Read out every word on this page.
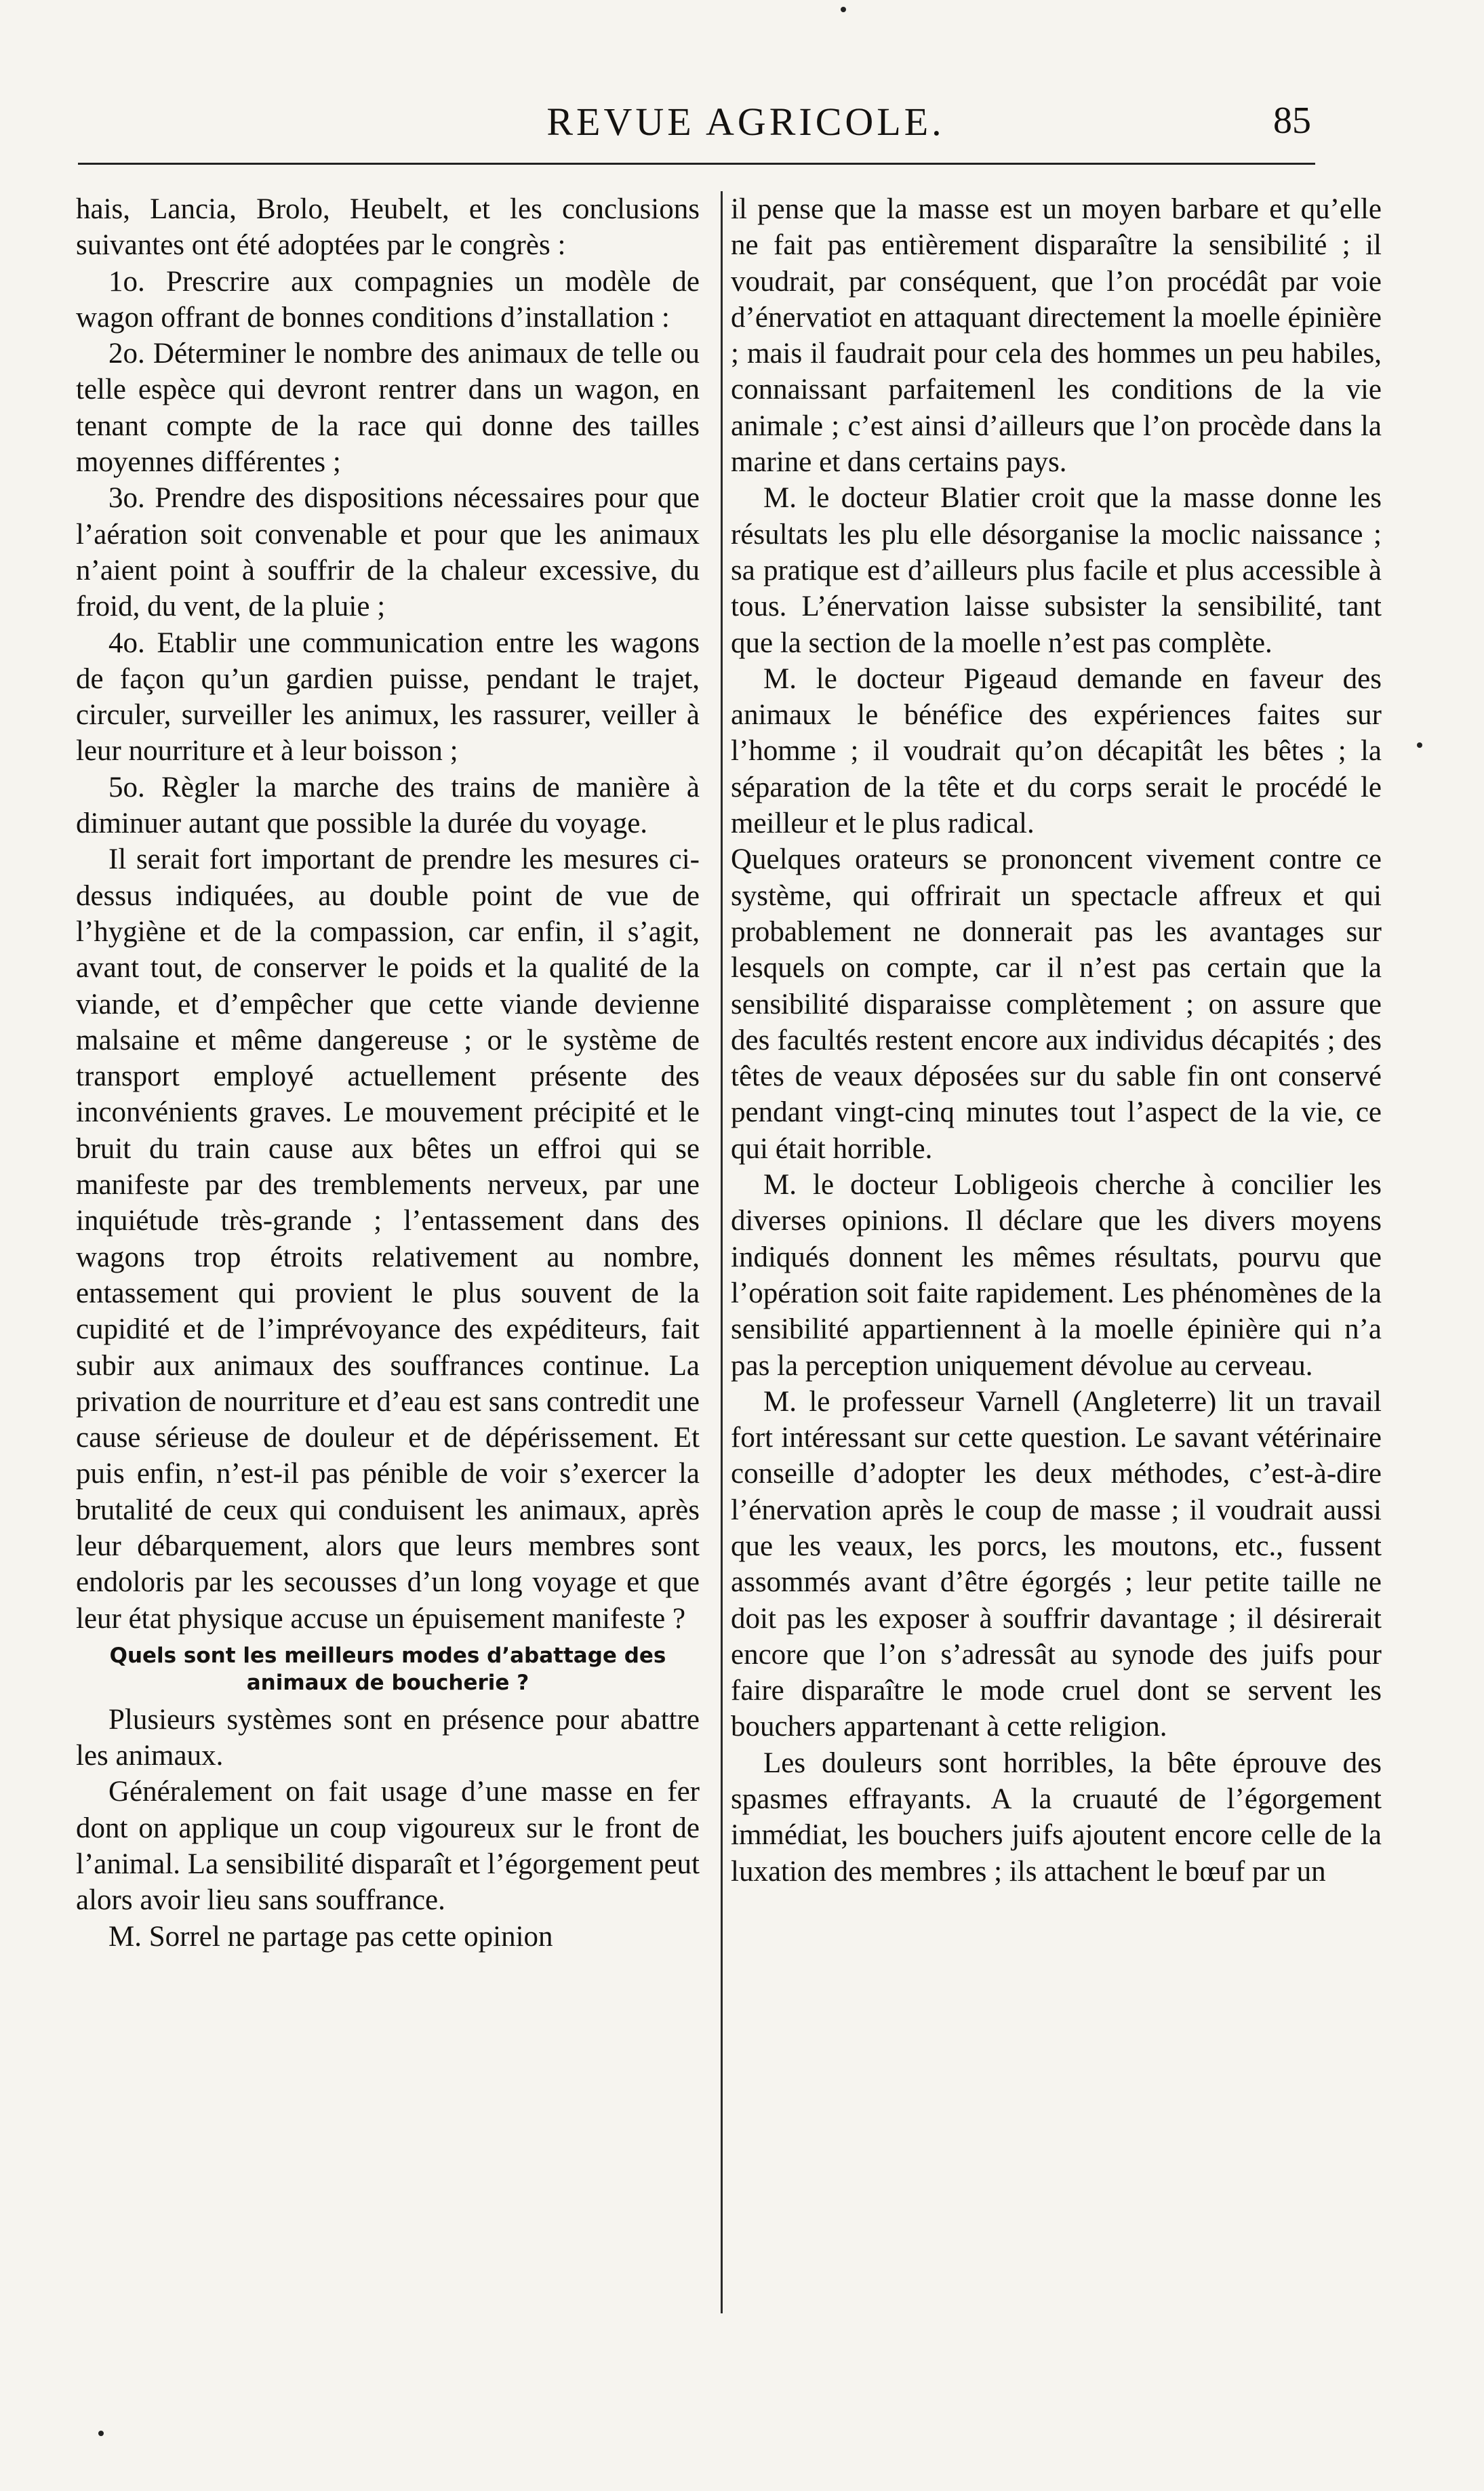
REVUE AGRICOLE.	85

hais, Lancia, Brolo, Heubelt, et les conclusions suivantes ont été adoptées par le congrès :

1o. Prescrire aux compagnies un modèle de wagon offrant de bonnes conditions d’installation :

2o. Déterminer le nombre des animaux de telle ou telle espèce qui devront rentrer dans un wagon, en tenant compte de la race qui donne des tailles moyennes différentes ;

3o. Prendre des dispositions nécessaires pour que l’aération soit convenable et pour que les animaux n’aient point à souffrir de la chaleur excessive, du froid, du vent, de la pluie ;

4o. Etablir une communication entre les wagons de façon qu’un gardien puisse, pendant le trajet, circuler, surveiller les animux, les rassurer, veiller à leur nourriture et à leur boisson ;

5o. Règler la marche des trains de manière à diminuer autant que possible la durée du voyage.

Il serait fort important de prendre les mesures ci-dessus indiquées, au double point de vue de l’hygiène et de la compassion, car enfin, il s’agit, avant tout, de conserver le poids et la qualité de la viande, et d’empêcher que cette viande devienne malsaine et même dangereuse ; or le système de transport employé actuellement présente des inconvénients graves. Le mouvement précipité et le bruit du train cause aux bêtes un effroi qui se manifeste par des tremblements nerveux, par une inquiétude très-grande ; l’entassement dans des wagons trop étroits relativement au nombre, entassement qui provient le plus souvent de la cupidité et de l’imprévoyance des expéditeurs, fait subir aux animaux des souffrances continue. La privation de nourriture et d’eau est sans contredit une cause sérieuse de douleur et de dépérissement. Et puis enfin, n’est-il pas pénible de voir s’exercer la brutalité de ceux qui conduisent les animaux, après leur débarquement, alors que leurs membres sont endoloris par les secousses d’un long voyage et que leur état physique accuse un épuisement manifeste ?

Quels sont les meilleurs modes d’abattage des animaux de boucherie ?

Plusieurs systèmes sont en présence pour abattre les animaux.

Généralement on fait usage d’une masse en fer dont on applique un coup vigoureux sur le front de l’animal. La sensibilité disparaît et l’égorgement peut alors avoir lieu sans souffrance.

M. Sorrel ne partage pas cette opinion

il pense que la masse est un moyen barbare et qu’elle ne fait pas entièrement disparaître la sensibilité ; il voudrait, par conséquent, que l’on procédât par voie d’énervatiot en attaquant directement la moelle épinière ; mais il faudrait pour cela des hommes un peu habiles, connaissant parfaitemenl les conditions de la vie animale ; c’est ainsi d’ailleurs que l’on procède dans la marine et dans certains pays.

M. le docteur Blatier croit que la masse donne les résultats les plu elle désorganise la moclic naissance ; sa pratique est d’ailleurs plus facile et plus accessible à tous. L’énervation laisse subsister la sensibilité, tant que la section de la moelle n’est pas complète.

M. le docteur Pigeaud demande en faveur des animaux le bénéfice des expériences faites sur l’homme ; il voudrait qu’on décapitât les bêtes ; la séparation de la tête et du corps serait le procédé le meilleur et le plus radical.

Quelques orateurs se prononcent vivement contre ce système, qui offrirait un spectacle affreux et qui probablement ne donnerait pas les avantages sur lesquels on compte, car il n’est pas certain que la sensibilité disparaisse complètement ; on assure que des facultés restent encore aux individus décapités ; des têtes de veaux déposées sur du sable fin ont conservé pendant vingt-cinq minutes tout l’aspect de la vie, ce qui était horrible.

M. le docteur Lobligeois cherche à concilier les diverses opinions. Il déclare que les divers moyens indiqués donnent les mêmes résultats, pourvu que l’opération soit faite rapidement. Les phénomènes de la sensibilité appartiennent à la moelle épinière qui n’a pas la perception uniquement dévolue au cerveau.

M. le professeur Varnell (Angleterre) lit un travail fort intéressant sur cette question. Le savant vétérinaire conseille d’adopter les deux méthodes, c’est-à-dire l’énervation après le coup de masse ; il voudrait aussi que les veaux, les porcs, les moutons, etc., fussent assommés avant d’être égorgés ; leur petite taille ne doit pas les exposer à souffrir davantage ; il désirerait encore que l’on s’adressât au synode des juifs pour faire disparaître le mode cruel dont se servent les bouchers appartenant à cette religion.

Les douleurs sont horribles, la bête éprouve des spasmes effrayants. A la cruauté de l’égorgement immédiat, les bouchers juifs ajoutent encore celle de la luxation des membres ; ils attachent le bœuf par un
